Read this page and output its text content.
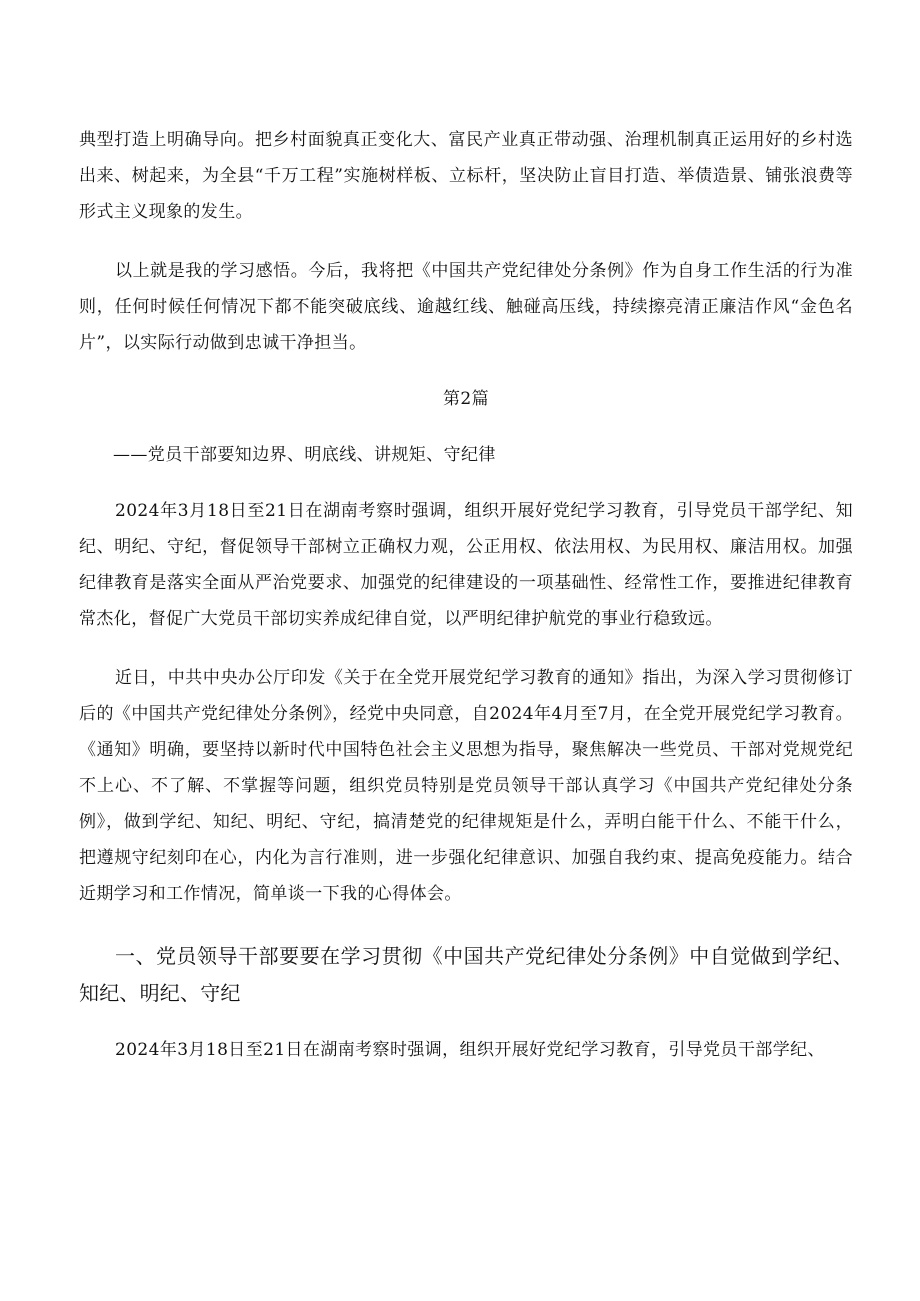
典型打造上明确导向。把乡村面貌真正变化大、富民产业真正带动强、治理机制真正运用好的乡村选出来、树起来，为全县“千万工程”实施树样板、立标杆，坚决防止盲目打造、举债造景、铺张浪费等形式主义现象的发生。

以上就是我的学习感悟。今后，我将把《中国共产党纪律处分条例》作为自身工作生活的行为准则，任何时候任何情况下都不能突破底线、逾越红线、触碰高压线，持续擦亮清正廉洁作风“金色名片”，以实际行动做到忠诚干净担当。

第2篇

——党员干部要知边界、明底线、讲规矩、守纪律

2024年3月18日至21日在湖南考察时强调，组织开展好党纪学习教育，引导党员干部学纪、知纪、明纪、守纪，督促领导干部树立正确权力观，公正用权、依法用权、为民用权、廉洁用权。加强纪律教育是落实全面从严治党要求、加强党的纪律建设的一项基础性、经常性工作，要推进纪律教育常杰化，督促广大党员干部切实养成纪律自觉，以严明纪律护航党的事业行稳致远。

近日，中共中央办公厅印发《关于在全党开展党纪学习教育的通知》指出，为深入学习贯彻修订后的《中国共产党纪律处分条例》，经党中央同意，自2024年4月至7月，在全党开展党纪学习教育。《通知》明确，要坚持以新时代中国特色社会主义思想为指导，聚焦解决一些党员、干部对党规党纪不上心、不了解、不掌握等问题，组织党员特别是党员领导干部认真学习《中国共产党纪律处分条例》，做到学纪、知纪、明纪、守纪，搞清楚党的纪律规矩是什么，弄明白能干什么、不能干什么，把遵规守纪刻印在心，内化为言行准则，进一步强化纪律意识、加强自我约束、提高免疫能力。结合近期学习和工作情况，简单谈一下我的心得体会。

一、党员领导干部要要在学习贯彻《中国共产党纪律处分条例》中自觉做到学纪、知纪、明纪、守纪

2024年3月18日至21日在湖南考察时强调，组织开展好党纪学习教育，引导党员干部学纪、
